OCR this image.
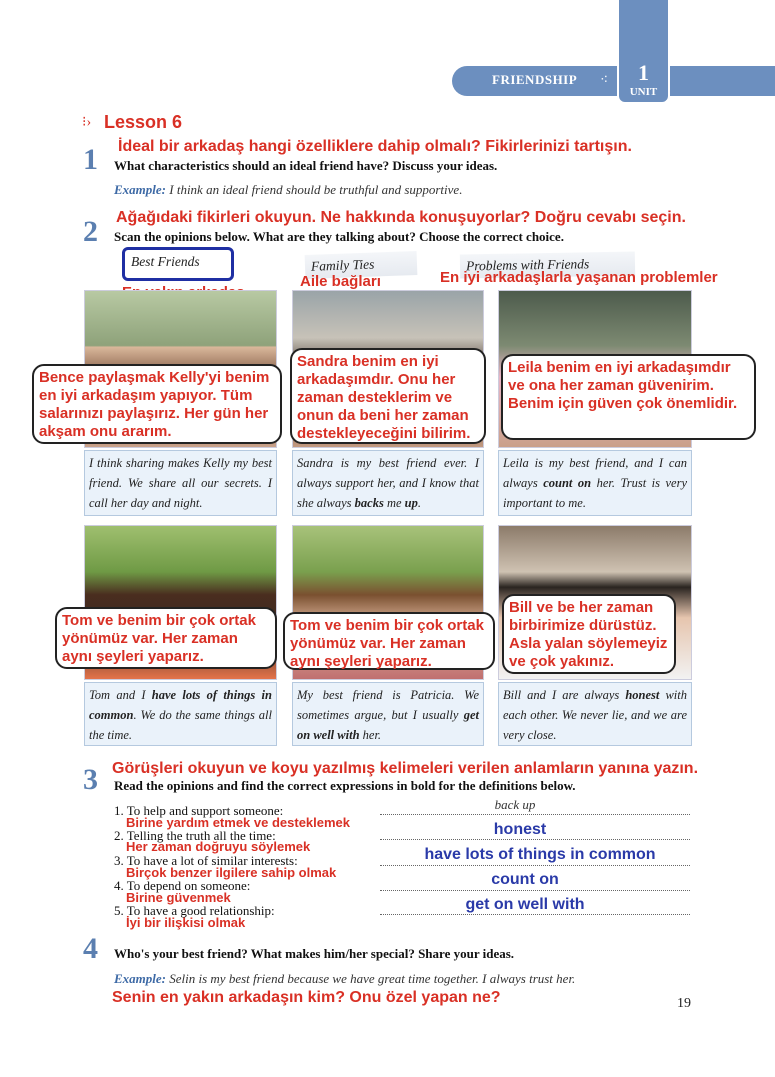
FRIENDSHIP ⁖	1
UNIT
⁝› Lesson 6
1 İdeal bir arkadaş hangi özelliklere dahip olmalı? Fikirlerinizi tartışın.
What characteristics should an ideal friend have? Discuss your ideas.
Example: I think an ideal friend should be truthful and supportive.
2 Ağağıdaki fikirleri okuyun. Ne hakkında konuşuyorlar? Doğru cevabı seçin.
Scan the opinions below. What are they talking about? Choose the correct choice.
Best Friends	Family Ties
Aile bağları
Problems with Friends
En iyi arkadaşlarla yaşanan problemler
Bence paylaşmak Kelly'yi benim en iyi arkadaşım yapıyor. Tüm salarınızı paylaşırız. Her gün her akşam onu ararım.
Sandra benim en iyi arkadaşımdır. Onu her zaman desteklerim ve onun da beni her zaman destekleyeceğini bilirim.
Leila benim en iyi arkadaşımdır ve ona her zaman güvenirim. Benim için güven çok önemlidir.
I think sharing makes Kelly my best friend. We share all our secrets. I call her day and night.
Sandra is my best friend ever. I always support her, and I know that she always backs me up.
Leila is my best friend, and I can always count on her. Trust is very important to me.
Tom ve benim bir çok ortak yönümüz var. Her zaman aynı şeyleri yaparız.
Tom ve benim bir çok ortak yönümüz var. Her zaman aynı şeyleri yaparız.
Bill ve be her zaman birbirimize dürüstüz. Asla yalan söylemeyiz ve çok yakınız.
Tom and I have lots of things in common. We do the same things all the time.
My best friend is Patricia. We sometimes argue, but I usually get on well with her.
Bill and I are always honest with each other. We never lie, and we are very close.
3 Görüşleri okuyun ve koyu yazılmış kelimeleri verilen anlamların yanına yazın.
Read the opinions and find the correct expressions in bold for the definitions below.
1. To help and support someone:
Birine yardım etmek ve desteklemek
back up
2. Telling the truth all the time:
Her zaman doğruyu söylemek
honest
3. To have a lot of similar interests:
Birçok benzer ilgilere sahip olmak
have lots of things in common
4. To depend on someone:
Birine güvenmek
count on
5. To have a good relationship:
İyi bir ilişkisi olmak
get on well with
4 Who's your best friend? What makes him/her special? Share your ideas.
Example: Selin is my best friend because we have great time together. I always trust her.
Senin en yakın arkadaşın kim? Onu özel yapan ne?	19
